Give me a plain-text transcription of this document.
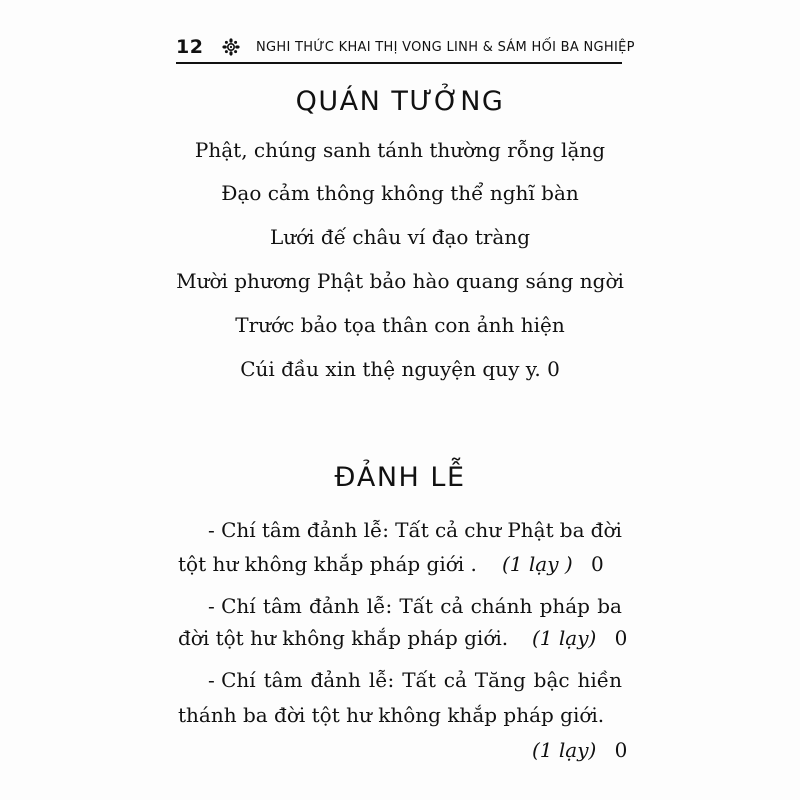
12	NGHI THỨC KHAI THỊ VONG LINH & SÁM HỐI BA NGHIỆP
QUÁN TƯỞNG
Phật, chúng sanh tánh thường rỗng lặng
Đạo cảm thông không thể nghĩ bàn
Lưới đế châu ví đạo tràng
Mười phương Phật bảo hào quang sáng ngời
Trước bảo tọa thân con ảnh hiện
Cúi đầu xin thệ nguyện quy y. 0
ĐẢNH LỄ
- Chí tâm đảnh lễ: Tất cả chư Phật ba đời
tột hư không khắp pháp giới .	(1 lạy ) 0
- Chí tâm đảnh lễ: Tất cả chánh pháp ba
đời tột hư không khắp pháp giới.	(1 lạy) 0
- Chí tâm đảnh lễ: Tất cả Tăng bậc hiền
thánh ba đời tột hư không khắp pháp giới.
(1 lạy) 0
